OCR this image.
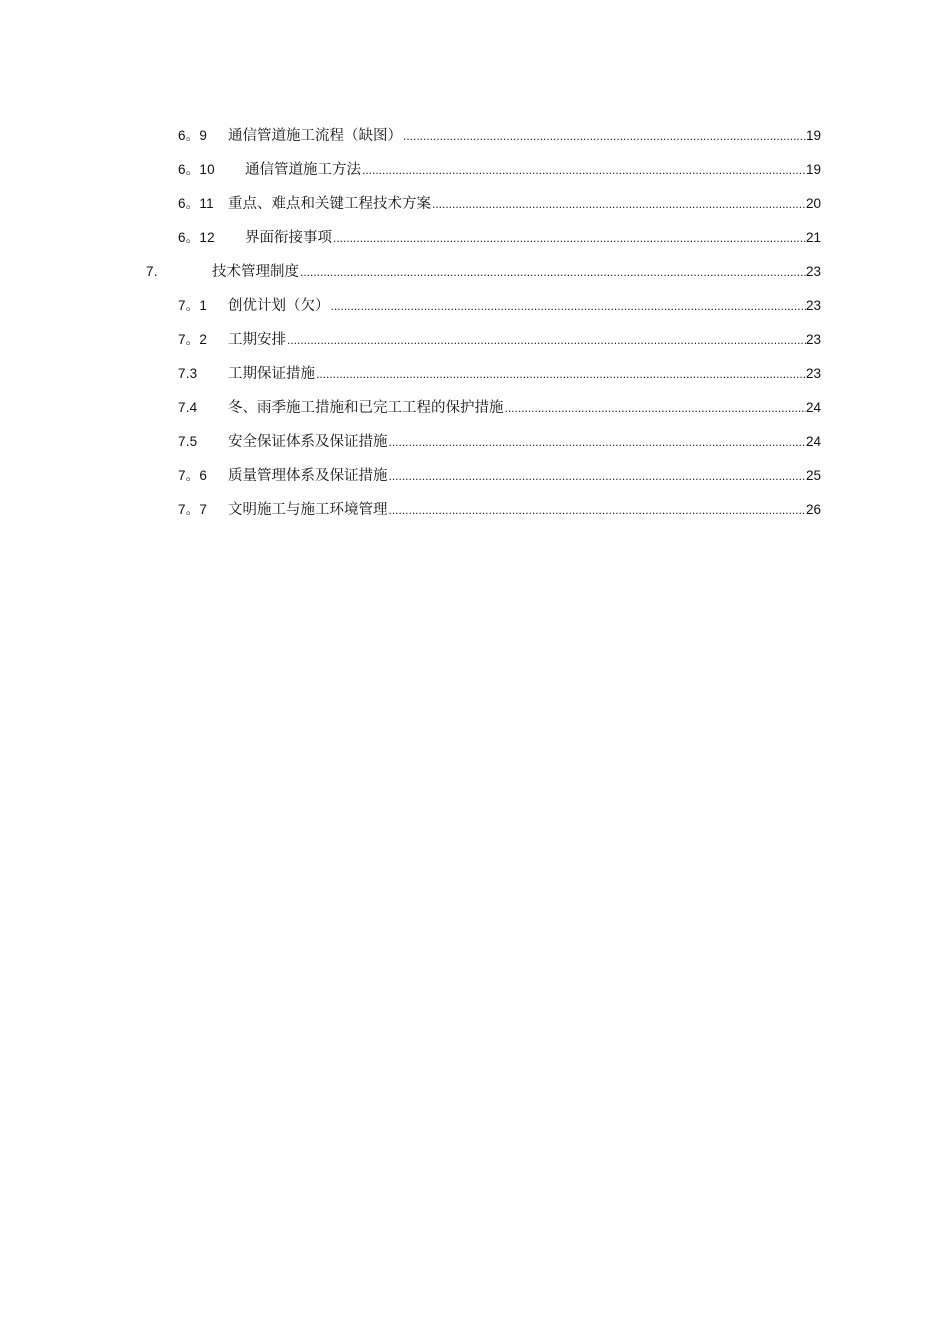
6。9 通信管道施工流程（缺图） .....	19
6。10 通信管道施工方法 .....	19
6。11 重点、难点和关键工程技术方案 .....	20
6。12 界面衔接事项 .....	21
7.	技术管理制度 .....	23
7。1 创优计划（欠） .....	23
7。2 工期安排 .....	23
7.3 工期保证措施 .....	23
7.4 冬、雨季施工措施和已完工工程的保护措施 .....	24
7.5 安全保证体系及保证措施 .....	24
7。6 质量管理体系及保证措施 .....	25
7。7 文明施工与施工环境管理 .....	26
